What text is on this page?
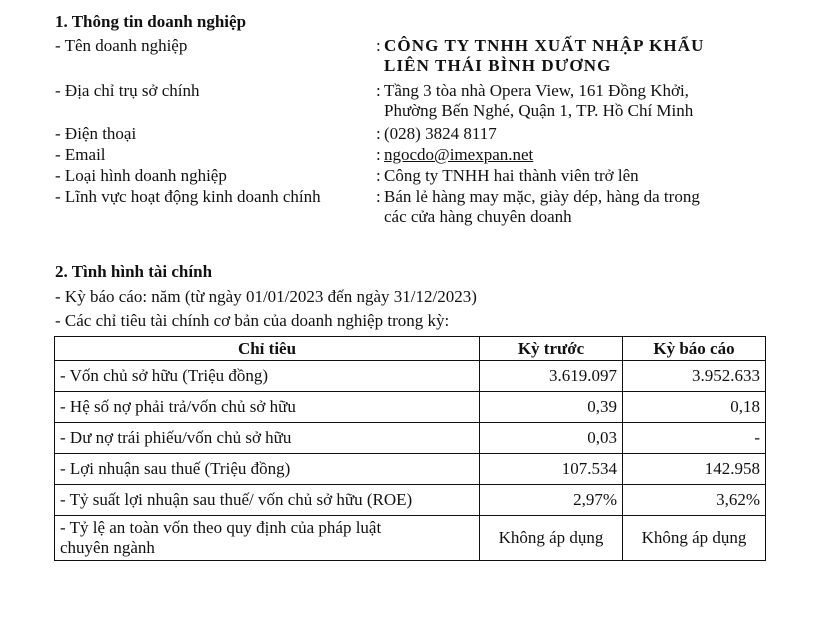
1. Thông tin doanh nghiệp
- Tên doanh nghiệp	: CÔNG TY TNHH XUẤT NHẬP KHẨU
LIÊN THÁI BÌNH DƯƠNG
- Địa chỉ trụ sở chính	: Tầng 3 tòa nhà Opera View, 161 Đồng Khởi,
Phường Bến Nghé, Quận 1, TP. Hồ Chí Minh
- Điện thoại	: (028) 3824 8117
- Email	: ngocdo@imexpan.net
- Loại hình doanh nghiệp	: Công ty TNHH hai thành viên trở lên
- Lĩnh vực hoạt động kinh doanh chính	: Bán lẻ hàng may mặc, giày dép, hàng da trong
các cửa hàng chuyên doanh
2. Tình hình tài chính
- Kỳ báo cáo: năm (từ ngày 01/01/2023 đến ngày 31/12/2023)
- Các chỉ tiêu tài chính cơ bản của doanh nghiệp trong kỳ:
Chỉ tiêu	Kỳ trước	Kỳ báo cáo
- Vốn chủ sở hữu (Triệu đồng)	3.619.097	3.952.633
- Hệ số nợ phải trả/vốn chủ sở hữu	0,39	0,18
- Dư nợ trái phiếu/vốn chủ sở hữu	0,03	-
- Lợi nhuận sau thuế (Triệu đồng)	107.534	142.958
- Tỷ suất lợi nhuận sau thuế/ vốn chủ sở hữu (ROE)	2,97%	3,62%

- Tỷ lệ an toàn vốn theo quy định của pháp luật
chuyên ngành	Không áp dụng	Không áp dụng
